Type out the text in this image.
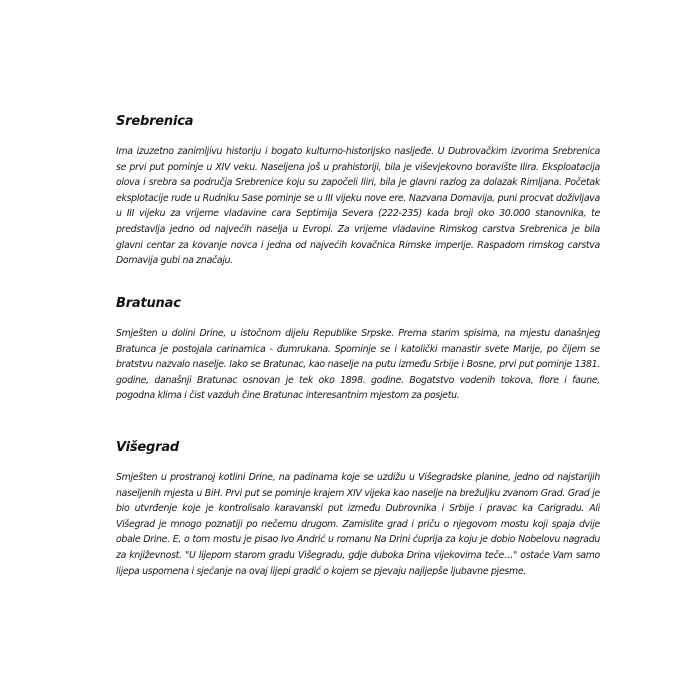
Srebrenica

Ima izuzetno zanimljivu historiju i bogato kulturno-historijsko nasljeđe. U Dubrovačkim izvorima Srebrenica se prvi put pominje u XIV veku. Naseljena još u prahistoriji, bila je viševjekovno boravište Ilira. Eksploatacija olova i srebra sa područja Srebrenice koju su započeli Iliri, bila je glavni razlog za dolazak Rimljana. Početak eksplotacije rude u Rudniku Sase pominje se u III vijeku nove ere. Nazvana Domavija, puni procvat doživljava u III vijeku za vrijeme vladavine cara Septimija Severa (222-235) kada broji oko 30.000 stanovnika, te predstavlja jedno od najvećih naselja u Evropi. Za vrijeme vladavine Rimskog carstva Srebrenica je bila glavni centar za kovanje novca i jedna od najvećih kovačnica Rimske imperije. Raspadom rimskog carstva Domavija gubi na značaju.

Bratunac

Smješten u dolini Drine, u istočnom dijelu Republike Srpske. Prema starim spisima, na mjestu današnjeg Bratunca je postojala carinarnica - đumrukana. Spominje se i katolički manastir svete Marije, po čijem se bratstvu nazvalo naselje. Iako se Bratunac, kao naselje na putu između Srbije i Bosne, prvi put pominje 1381. godine, današnji Bratunac osnovan je tek oko 1898. godine. Bogatstvo vodenih tokova, flore i faune, pogodna klima i čist vazduh čine Bratunac interesantnim mjestom za posjetu.

Višegrad

Smješten u prostranoj kotlini Drine, na padinama koje se uzdižu u Višegradske planine, jedno od najstarijih naseljenih mjesta u BiH. Prvi put se pominje krajem XIV vijeka kao naselje na brežuljku zvanom Grad. Grad je bio utvrđenje koje je kontrolisalo karavanski put između Dubrovnika i Srbije i pravac ka Carigradu. Ali Višegrad je mnogo poznatiji po nečemu drugom. Zamislite grad i priču o njegovom mostu koji spaja dvije obale Drine. E, o tom mostu je pisao Ivo Andrić u romanu Na Drini ćuprija za koju je dobio Nobelovu nagradu za književnost. "U lijepom starom gradu Višegradu, gdje duboka Drina vijekovima teče…" ostaće Vam samo lijepa uspomena i sjećanje na ovaj lijepi gradić o kojem se pjevaju najljepše ljubavne pjesme.
